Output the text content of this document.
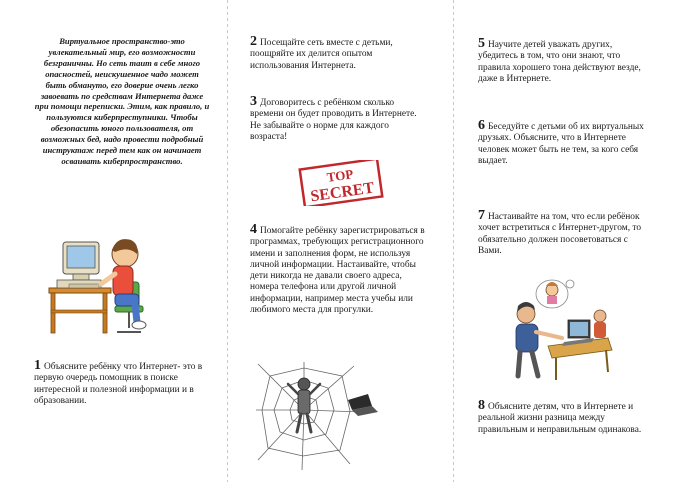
Виртуальное пространство-это увлекательный мир, его возможности безграничны. Но сеть таит в себе много опасностей, неискушенное чадо может быть обмануто, его доверие очень легко завоевать по средствам Интернета даже при помощи переписки. Этим, как правило, и пользуются киберпреступники. Чтобы обезопасить юного пользователя, от возможных бед, надо провести подробный инструктаж перед тем как он начинает осваивать киберпространство.
1 Объясните ребёнку что Интернет- это в первую очередь помощник в поиске интересной и полезной информации и в образовании.
2 Посещайте сеть вместе с детьми, поощряйте их делится опытом использования Интернета.
3 Договоритесь с ребёнком сколько времени он будет проводить в Интернете. Не забывайте о норме для каждого возраста!
TOP
SECRET
4 Помогайте ребёнку зарегистрироваться в программах, требующих регистрационного имени и заполнения форм, не используя личной информации. Настаивайте, чтобы дети никогда не давали своего адреса, номера телефона или другой личной информации, например места учебы или любимого места для прогулки.
5 Научите детей уважать других, убедитесь в том, что они знают, что правила хорошего тона действуют везде, даже в Интернете.
6 Беседуйте с детьми об их виртуальных друзьях. Объясните, что в Интернете человек может быть не тем, за кого себя выдает.
7 Настаивайте на том, что если ребёнок хочет встретиться с Интернет-другом, то обязательно должен посоветоваться с Вами.
8 Объясните детям, что в Интернете и реальной жизни разница между правильным и неправильным одинакова.
